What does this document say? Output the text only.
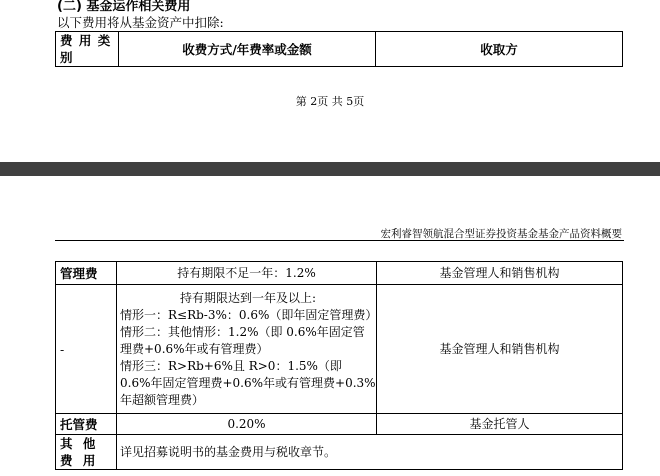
(二) 基金运作相关费用
以下费用将从基金资产中扣除:
费 用 类 别	收费方式/年费率或金额	收取方
第 2页 共 5页
宏利睿智领航混合型证券投资基金基金产品资料概要
管理费	持有期限不足一年：1.2%	基金管理人和销售机构
-	持有期限达到一年及以上:
情形一：R≤Rb-3%：0.6%（即年固定管理费）
情形二：其他情形：1.2%（即 0.6%年固定管理费+0.6%年或有管理费）
情形三：R>Rb+6%且 R>0：1.5%（即 0.6%年固定管理费+0.6%年或有管理费+0.3%年超额管理费）	基金管理人和销售机构
托管费	0.20%	基金托管人
其 他 费 用	详见招募说明书的基金费用与税收章节。	
